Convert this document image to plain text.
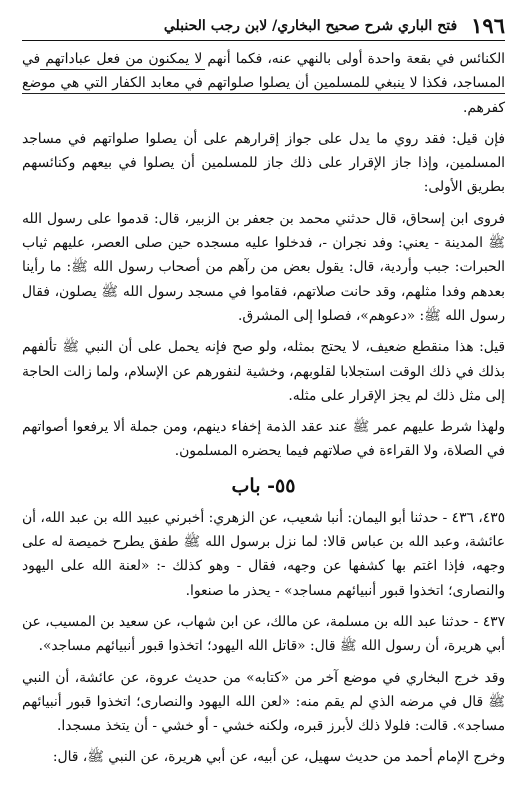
١٩٦
فتح الباري شرح صحيح البخاري/ لابن رجب الحنبلي

الكنائس في بقعة واحدة أولى بالنهي عنه، فكما أنهم لا يمكنون من فعل عباداتهم في المساجد، فكذا لا ينبغي للمسلمين أن يصلوا صلواتهم في معابد الكفار التي هي موضع كفرهم.

فإن قيل: فقد روي ما يدل على جواز إقرارهم على أن يصلوا صلواتهم في مساجد المسلمين، وإذا جاز الإقرار على ذلك جاز للمسلمين أن يصلوا في بيعهم وكنائسهم بطريق الأولى:

فروى ابن إسحاق، قال حدثني محمد بن جعفر بن الزبير، قال: قدموا على رسول الله ﷺ المدينة - يعني: وفد نجران -، فدخلوا عليه مسجده حين صلى العصر، عليهم ثياب الحبرات: جبب وأردية، قال: يقول بعض من رآهم من أصحاب رسول الله ﷺ: ما رأينا بعدهم وفدا مثلهم، وقد حانت صلاتهم، فقاموا في مسجد رسول الله ﷺ يصلون، فقال رسول الله ﷺ: «دعوهم»، فصلوا إلى المشرق.

قيل: هذا منقطع ضعيف، لا يحتج بمثله، ولو صح فإنه يحمل على أن النبي ﷺ تألفهم بذلك في ذلك الوقت استجلابا لقلوبهم، وخشية لنفورهم عن الإسلام، ولما زالت الحاجة إلى مثل ذلك لم يجز الإقرار على مثله.

ولهذا شرط عليهم عمر ﷺ عند عقد الذمة إخفاء دينهم، ومن جملة ألا يرفعوا أصواتهم في الصلاة، ولا القراءة في صلاتهم فيما يحضره المسلمون.

٥٥- باب

٤٣٥، ٤٣٦ - حدثنا أبو اليمان: أنبا شعيب، عن الزهري: أخبرني عبيد الله بن عبد الله، أن عائشة، وعبد الله بن عباس قالا: لما نزل برسول الله ﷺ طفق يطرح خميصة له على وجهه، فإذا اغتم بها كشفها عن وجهه، فقال - وهو كذلك -: «لعنة الله على اليهود والنصارى؛ اتخذوا قبور أنبيائهم مساجد» - يحذر ما صنعوا.

٤٣٧ - حدثنا عبد الله بن مسلمة، عن مالك، عن ابن شهاب، عن سعيد بن المسيب، عن أبي هريرة، أن رسول الله ﷺ قال: «قاتل الله اليهود؛ اتخذوا قبور أنبيائهم مساجد».

وقد خرج البخاري في موضع آخر من «كتابه» من حديث عروة، عن عائشة، أن النبي ﷺ قال في مرضه الذي لم يقم منه: «لعن الله اليهود والنصارى؛ اتخذوا قبور أنبيائهم مساجد». قالت: فلولا ذلك لأبرز قبره، ولكنه خشي - أو خشي - أن يتخذ مسجدا.

وخرج الإمام أحمد من حديث سهيل، عن أبيه، عن أبي هريرة، عن النبي ﷺ، قال:
